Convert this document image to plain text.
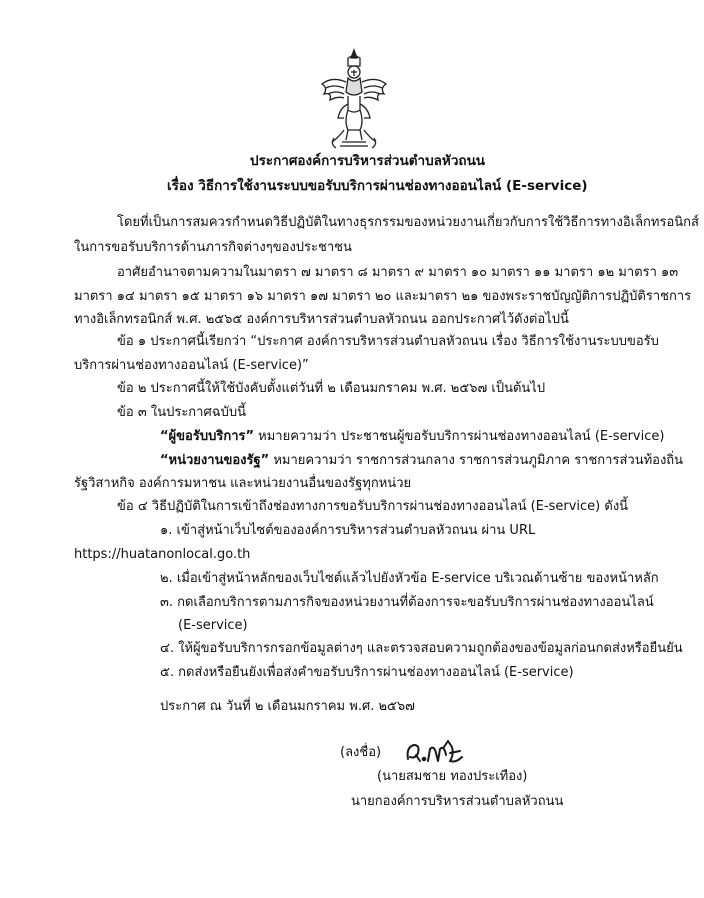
ประกาศองค์การบริหารส่วนตำบลหัวถนน
เรื่อง วิธีการใช้งานระบบขอรับบริการผ่านช่องทางออนไลน์ (E-service)
โดยที่เป็นการสมควรกำหนดวิธีปฏิบัติในทางธุรกรรมของหน่วยงานเกี่ยวกับการใช้วิธีการทางอิเล็กทรอนิกส์
ในการขอรับบริการด้านภารกิจต่างๆของประชาชน
อาศัยอำนาจตามความในมาตรา ๗ มาตรา ๘ มาตรา ๙ มาตรา ๑๐ มาตรา ๑๑ มาตรา ๑๒ มาตรา ๑๓
มาตรา ๑๔ มาตรา ๑๕ มาตรา ๑๖ มาตรา ๑๗ มาตรา ๒๐ และมาตรา ๒๑ ของพระราชบัญญัติการปฏิบัติราชการ
ทางอิเล็กทรอนิกส์ พ.ศ. ๒๕๖๕ องค์การบริหารส่วนตำบลหัวถนน ออกประกาศไว้ดังต่อไปนี้
ข้อ ๑ ประกาศนี้เรียกว่า “ประกาศ องค์การบริหารส่วนตำบลหัวถนน เรื่อง วิธีการใช้งานระบบขอรับ
บริการผ่านช่องทางออนไลน์ (E-service)”
ข้อ ๒ ประกาศนี้ให้ใช้บังคับตั้งแต่วันที่ ๒ เดือนมกราคม พ.ศ. ๒๕๖๗ เป็นต้นไป
ข้อ ๓ ในประกาศฉบับนี้
“ผู้ขอรับบริการ” หมายความว่า ประชาชนผู้ขอรับบริการผ่านช่องทางออนไลน์ (E-service)
“หน่วยงานของรัฐ” หมายความว่า ราชการส่วนกลาง ราชการส่วนภูมิภาค ราชการส่วนท้องถิ่น
รัฐวิสาหกิจ องค์การมหาชน และหน่วยงานอื่นของรัฐทุกหน่วย
ข้อ ๔ วิธีปฏิบัติในการเข้าถึงช่องทางการขอรับบริการผ่านช่องทางออนไลน์ (E-service) ดังนี้
๑. เข้าสู่หน้าเว็บไซต์ขององค์การบริหารส่วนตำบลหัวถนน ผ่าน URL
https://huatanonlocal.go.th
๒. เมื่อเข้าสู่หน้าหลักของเว็บไซต์แล้วไปยังหัวข้อ E-service บริเวณด้านซ้าย ของหน้าหลัก
๓. กดเลือกบริการตามภารกิจของหน่วยงานที่ต้องการจะขอรับบริการผ่านช่องทางออนไลน์
(E-service)
๔. ให้ผู้ขอรับบริการกรอกข้อมูลต่างๆ และตรวจสอบความถูกต้องของข้อมูลก่อนกดส่งหรือยืนยัน
๕. กดส่งหรือยืนยังเพื่อส่งคำขอรับบริการผ่านช่องทางออนไลน์ (E-service)
ประกาศ ณ วันที่ ๒ เดือนมกราคม พ.ศ. ๒๕๖๗
(ลงชื่อ)
(นายสมชาย ทองประเทือง)
นายกองค์การบริหารส่วนตำบลหัวถนน
